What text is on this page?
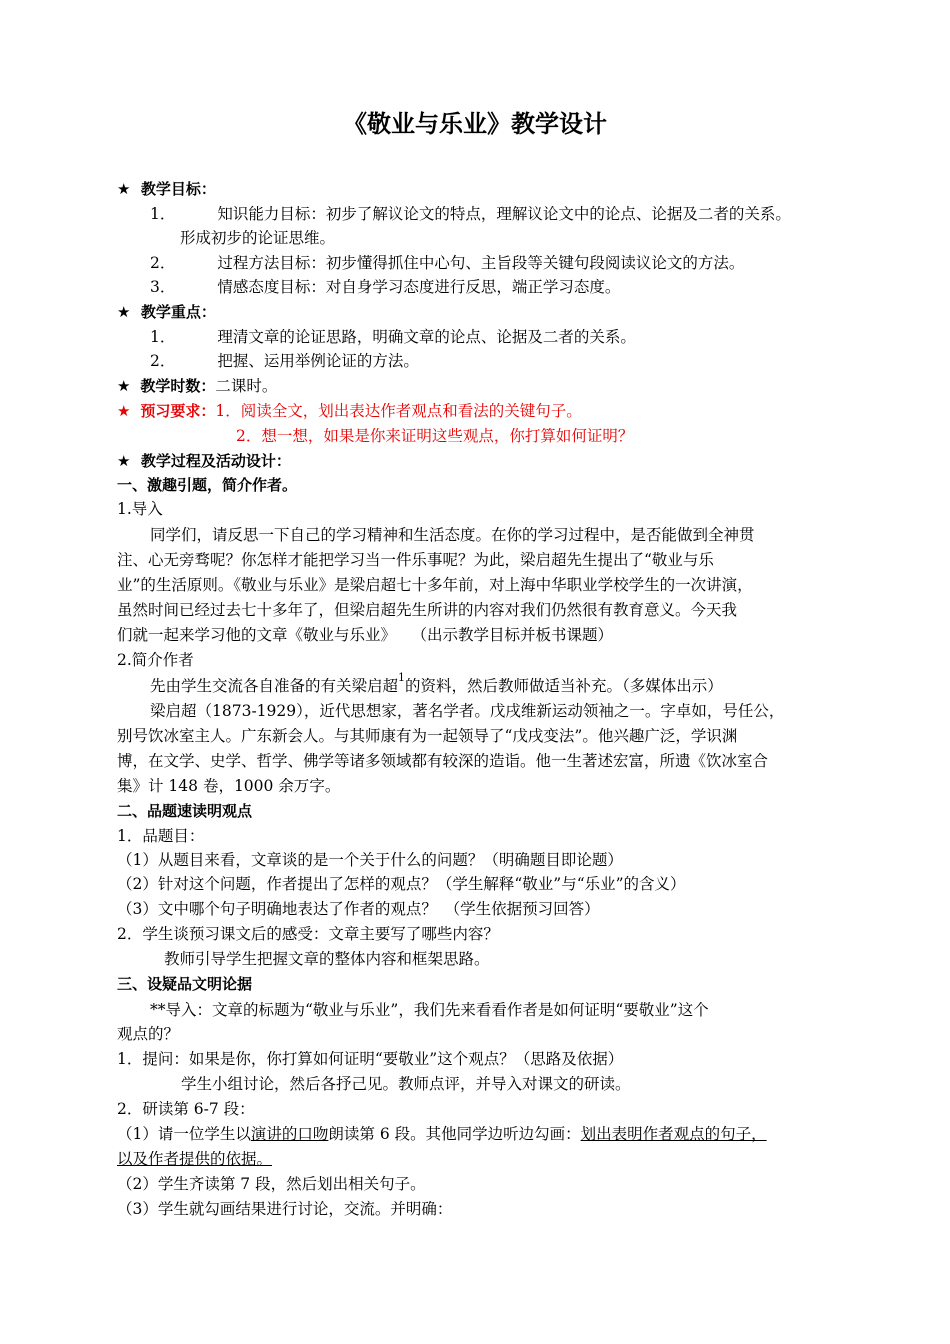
《敬业与乐业》教学设计
★ 教学目标：
1．	知识能力目标：初步了解议论文的特点，理解议论文中的论点、论据及二者的关系。
形成初步的论证思维。
2．	过程方法目标：初步懂得抓住中心句、主旨段等关键句段阅读议论文的方法。
3．	情感态度目标：对自身学习态度进行反思，端正学习态度。
★ 教学重点：
1．	理清文章的论证思路，明确文章的论点、论据及二者的关系。
2．	把握、运用举例论证的方法。
★ 教学时数：二课时。
★ 预习要求：1．阅读全文，划出表达作者观点和看法的关键句子。
2．想一想，如果是你来证明这些观点，你打算如何证明？
★ 教学过程及活动设计：
一、激趣引题，简介作者。
1.导入
同学们，请反思一下自己的学习精神和生活态度。在你的学习过程中，是否能做到全神贯
注、心无旁骛呢？你怎样才能把学习当一件乐事呢？为此，梁启超先生提出了“敬业与乐
业”的生活原则。《敬业与乐业》是梁启超七十多年前，对上海中华职业学校学生的一次讲演，
虽然时间已经过去七十多年了，但梁启超先生所讲的内容对我们仍然很有教育意义。今天我
们就一起来学习他的文章《敬业与乐业》　　（出示教学目标并板书课题）
2.简介作者
先由学生交流各自准备的有关梁启超$^1$的资料，然后教师做适当补充。（多媒体出示）
梁启超（1873-1929），近代思想家，著名学者。戊戌维新运动领袖之一。字卓如，号任公，
别号饮冰室主人。广东新会人。与其师康有为一起领导了“戊戌变法”。他兴趣广泛，学识渊
博，在文学、史学、哲学、佛学等诸多领域都有较深的造诣。他一生著述宏富，所遗《饮冰室合
集》计 148 卷，1000 余万字。
二、品题速读明观点
1．品题目：
（1）从题目来看，文章谈的是一个关于什么的问题？（明确题目即论题）
（2）针对这个问题，作者提出了怎样的观点？（学生解释“敬业”与“乐业”的含义）
（3）文中哪个句子明确地表达了作者的观点？　（学生依据预习回答）
2．学生谈预习课文后的感受：文章主要写了哪些内容？
教师引导学生把握文章的整体内容和框架思路。
三、设疑品文明论据
**导入：文章的标题为“敬业与乐业”，我们先来看看作者是如何证明“要敬业”这个
观点的？
1．提问：如果是你，你打算如何证明“要敬业”这个观点？（思路及依据）
学生小组讨论，然后各抒己见。教师点评，并导入对课文的研读。
2．研读第 6-7 段：
（1）请一位学生以演讲的口吻朗读第 6 段。其他同学边听边勾画：划出表明作者观点的句子，
以及作者提供的依据。
（2）学生齐读第 7 段，然后划出相关句子。
（3）学生就勾画结果进行讨论，交流。并明确：
